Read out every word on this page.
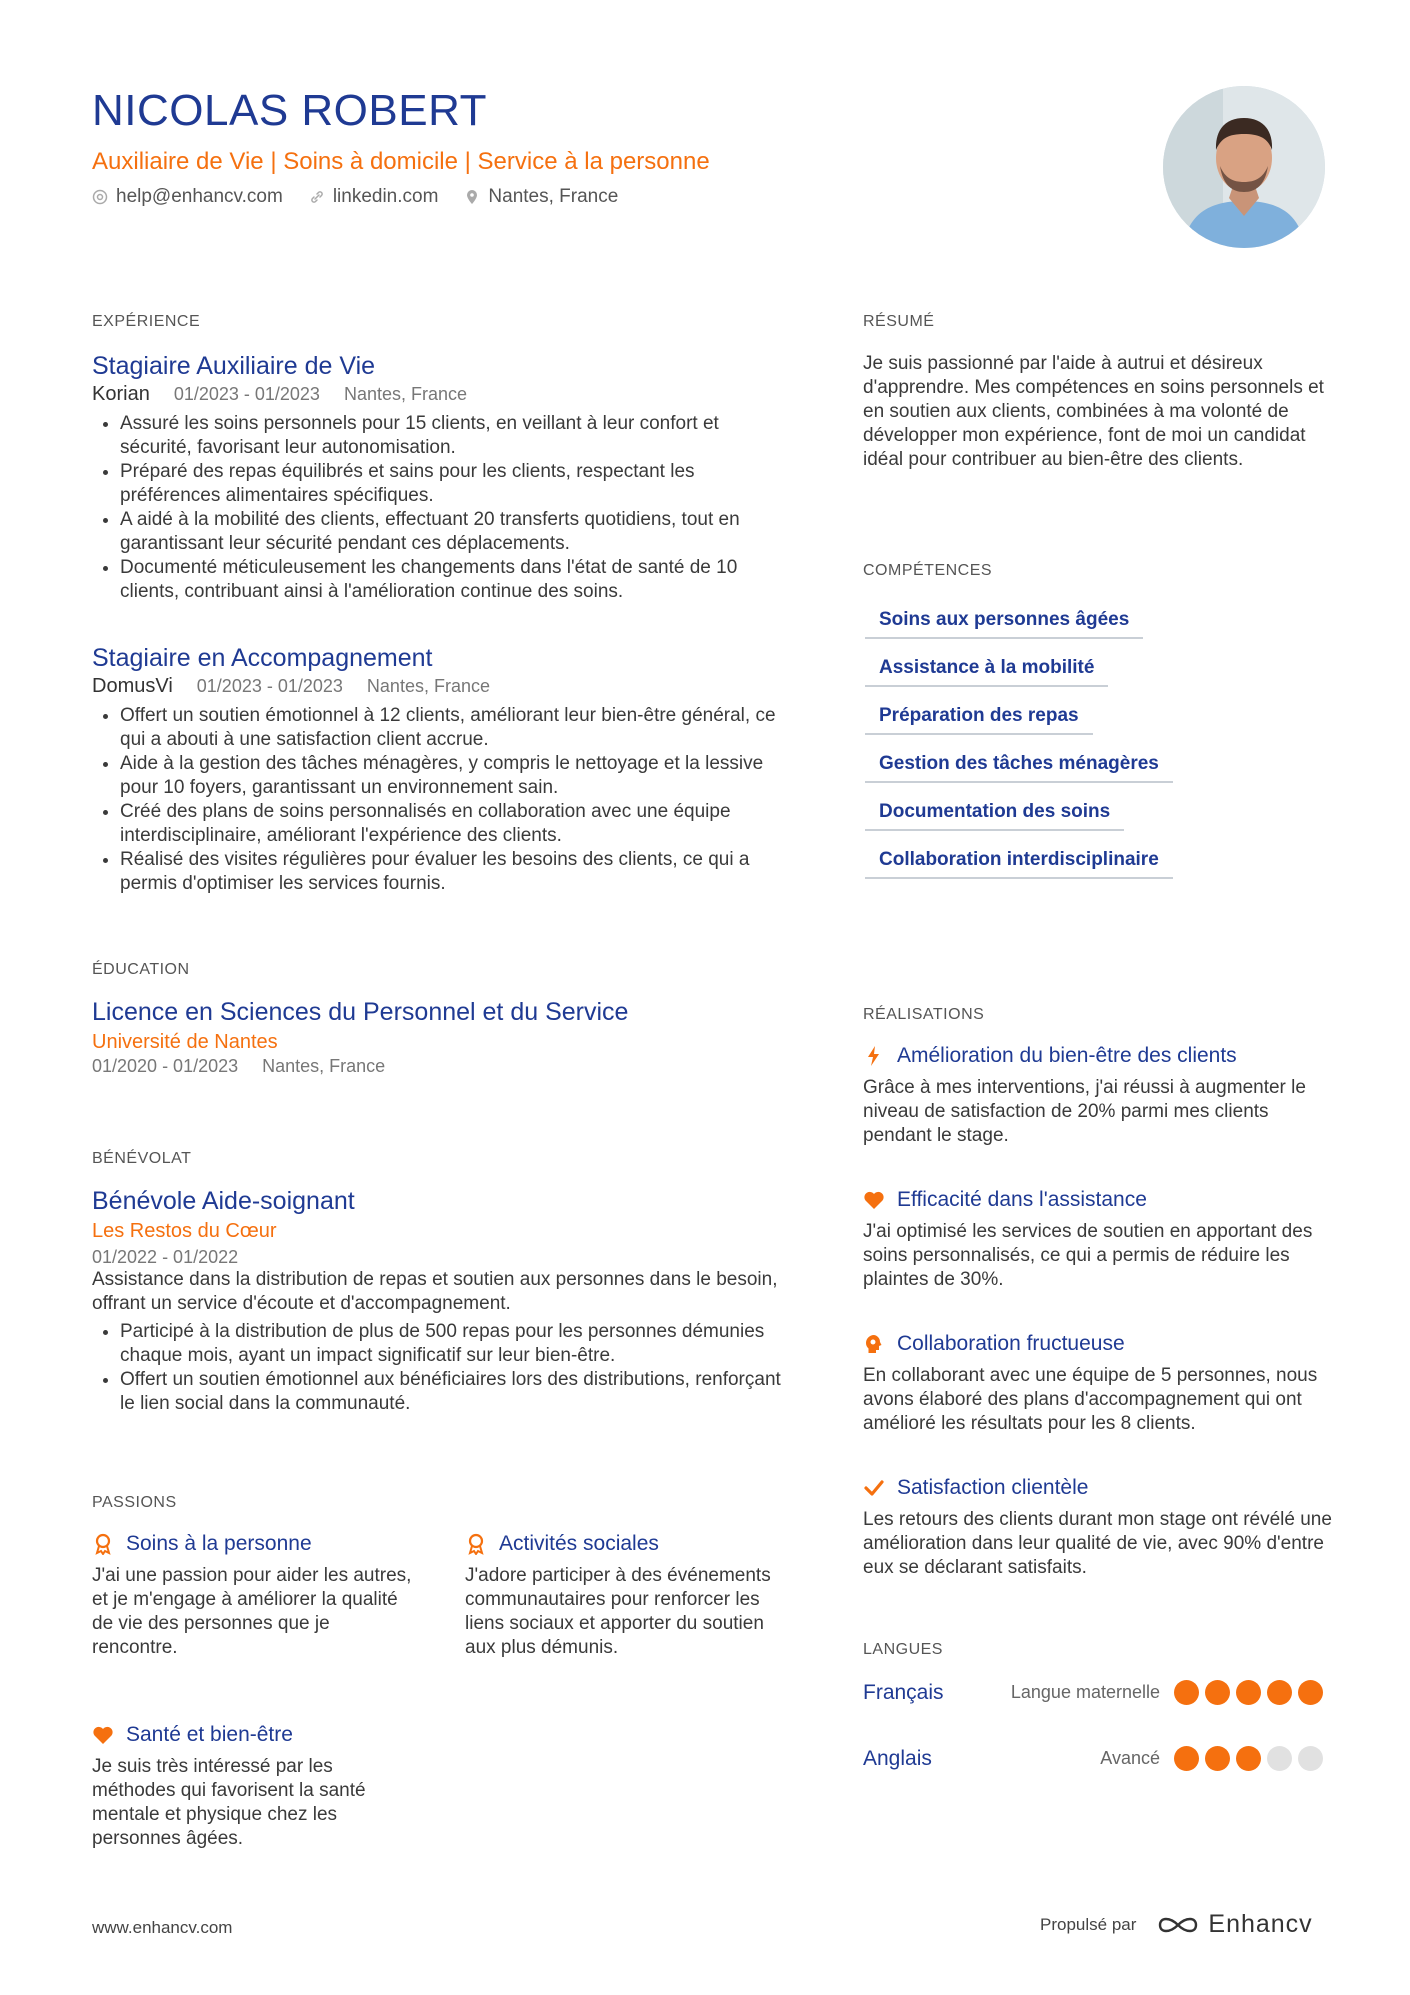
NICOLAS ROBERT
Auxiliaire de Vie | Soins à domicile | Service à la personne
help@enhancv.com	linkedin.com	Nantes, France
EXPÉRIENCE
Stagiaire Auxiliaire de Vie
Korian 01/2023 - 01/2023 Nantes, France
• Assuré les soins personnels pour 15 clients, en veillant à leur confort et sécurité, favorisant leur autonomisation.
• Préparé des repas équilibrés et sains pour les clients, respectant les préférences alimentaires spécifiques.
• A aidé à la mobilité des clients, effectuant 20 transferts quotidiens, tout en garantissant leur sécurité pendant ces déplacements.
• Documenté méticuleusement les changements dans l'état de santé de 10 clients, contribuant ainsi à l'amélioration continue des soins.
Stagiaire en Accompagnement
DomusVi 01/2023 - 01/2023 Nantes, France
• Offert un soutien émotionnel à 12 clients, améliorant leur bien-être général, ce qui a abouti à une satisfaction client accrue.
• Aide à la gestion des tâches ménagères, y compris le nettoyage et la lessive pour 10 foyers, garantissant un environnement sain.
• Créé des plans de soins personnalisés en collaboration avec une équipe interdisciplinaire, améliorant l'expérience des clients.
• Réalisé des visites régulières pour évaluer les besoins des clients, ce qui a permis d'optimiser les services fournis.
ÉDUCATION
Licence en Sciences du Personnel et du Service
Université de Nantes
01/2020 - 01/2023 Nantes, France
BÉNÉVOLAT
Bénévole Aide-soignant
Les Restos du Cœur
01/2022 - 01/2022

Assistance dans la distribution de repas et soutien aux personnes dans le besoin, offrant un service d'écoute et d'accompagnement.

• Participé à la distribution de plus de 500 repas pour les personnes démunies chaque mois, ayant un impact significatif sur leur bien-être.
• Offert un soutien émotionnel aux bénéficiaires lors des distributions, renforçant le lien social dans la communauté.
PASSIONS
Soins à la personne

J'ai une passion pour aider les autres, et je m'engage à améliorer la qualité de vie des personnes que je rencontre.

Activités sociales

J'adore participer à des événements communautaires pour renforcer les liens sociaux et apporter du soutien aux plus démunis.

Santé et bien-être

Je suis très intéressé par les méthodes qui favorisent la santé mentale et physique chez les personnes âgées.

RÉSUMÉ

Je suis passionné par l'aide à autrui et désireux d'apprendre. Mes compétences en soins personnels et en soutien aux clients, combinées à ma volonté de développer mon expérience, font de moi un candidat idéal pour contribuer au bien-être des clients.

COMPÉTENCES
Soins aux personnes âgées
Assistance à la mobilité
Préparation des repas
Gestion des tâches ménagères
Documentation des soins
Collaboration interdisciplinaire
RÉALISATIONS
Amélioration du bien-être des clients

Grâce à mes interventions, j'ai réussi à augmenter le niveau de satisfaction de 20% parmi mes clients pendant le stage.

Efficacité dans l'assistance

J'ai optimisé les services de soutien en apportant des soins personnalisés, ce qui a permis de réduire les plaintes de 30%.

Collaboration fructueuse

En collaborant avec une équipe de 5 personnes, nous avons élaboré des plans d'accompagnement qui ont amélioré les résultats pour les 8 clients.

Satisfaction clientèle

Les retours des clients durant mon stage ont révélé une amélioration dans leur qualité de vie, avec 90% d'entre eux se déclarant satisfaits.

LANGUES
Français	Langue maternelle
Anglais	Avancé
www.enhancv.com	Propulsé par	Enhancv
